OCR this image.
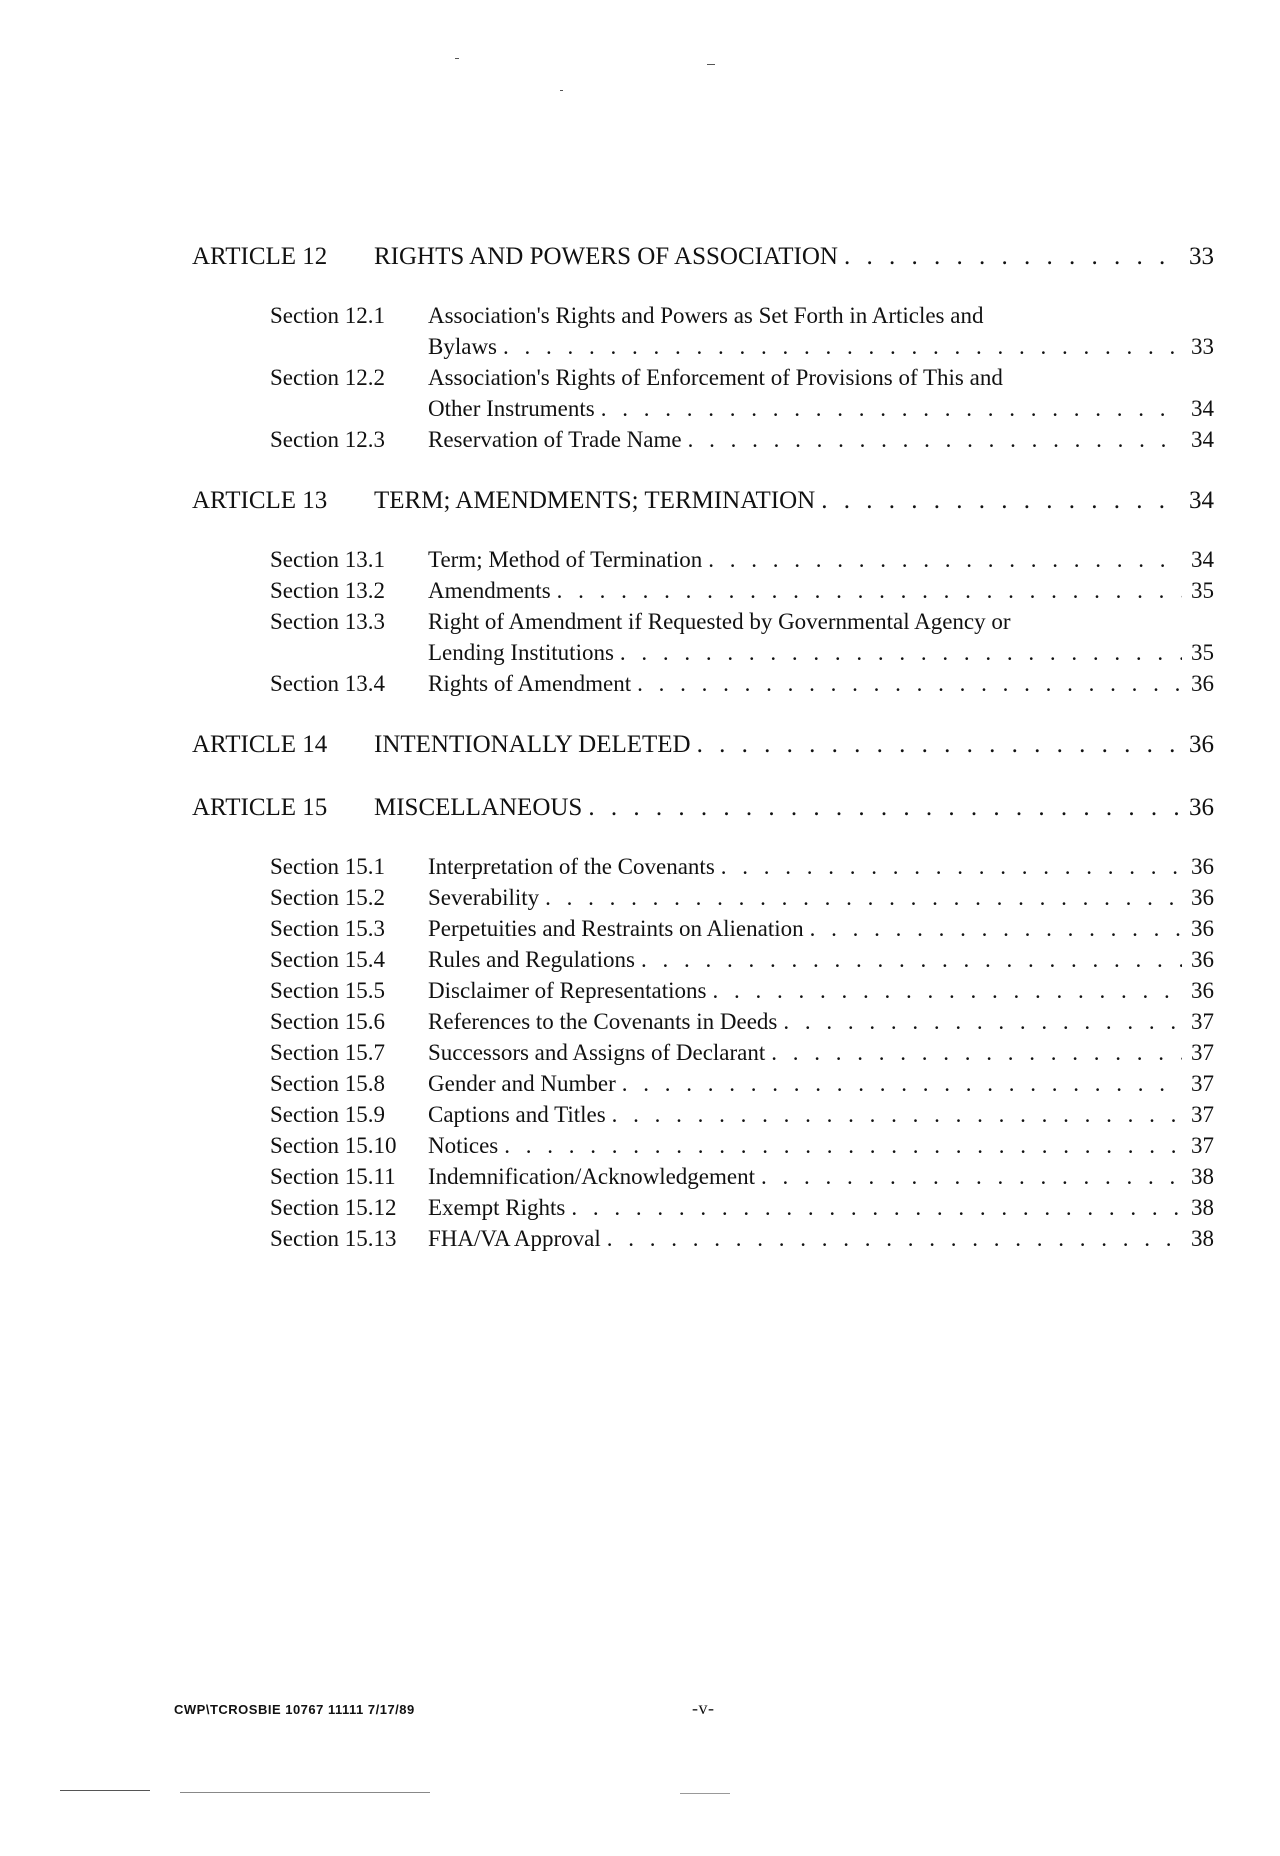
ARTICLE 12	RIGHTS AND POWERS OF ASSOCIATION . . .	33
Section 12.1	Association's Rights and Powers as Set Forth in Articles and
Bylaws . . .	33
Section 12.2	Association's Rights of Enforcement of Provisions of This and
Other Instruments . . .	34
Section 12.3	Reservation of Trade Name . . .	34
ARTICLE 13	TERM; AMENDMENTS; TERMINATION . . .	34
Section 13.1	Term; Method of Termination . . .	34
Section 13.2	Amendments . . .	35
Section 13.3	Right of Amendment if Requested by Governmental Agency or
Lending Institutions . . .	35
Section 13.4	Rights of Amendment . . .	36
ARTICLE 14	INTENTIONALLY DELETED . . .	36
ARTICLE 15	MISCELLANEOUS . . .	36
Section 15.1	Interpretation of the Covenants . . .	36
Section 15.2	Severability . . .	36
Section 15.3	Perpetuities and Restraints on Alienation . . .	36
Section 15.4	Rules and Regulations . . .	36
Section 15.5	Disclaimer of Representations . . .	36
Section 15.6	References to the Covenants in Deeds . . .	37
Section 15.7	Successors and Assigns of Declarant . . .	37
Section 15.8	Gender and Number . . .	37
Section 15.9	Captions and Titles . . .	37
Section 15.10	Notices . . .	37
Section 15.11	Indemnification/Acknowledgement . . .	38
Section 15.12	Exempt Rights . . .	38
Section 15.13	FHA/VA Approval . . .	38
CWP\TCROSBIE 10767 11111 7/17/89	-v-
